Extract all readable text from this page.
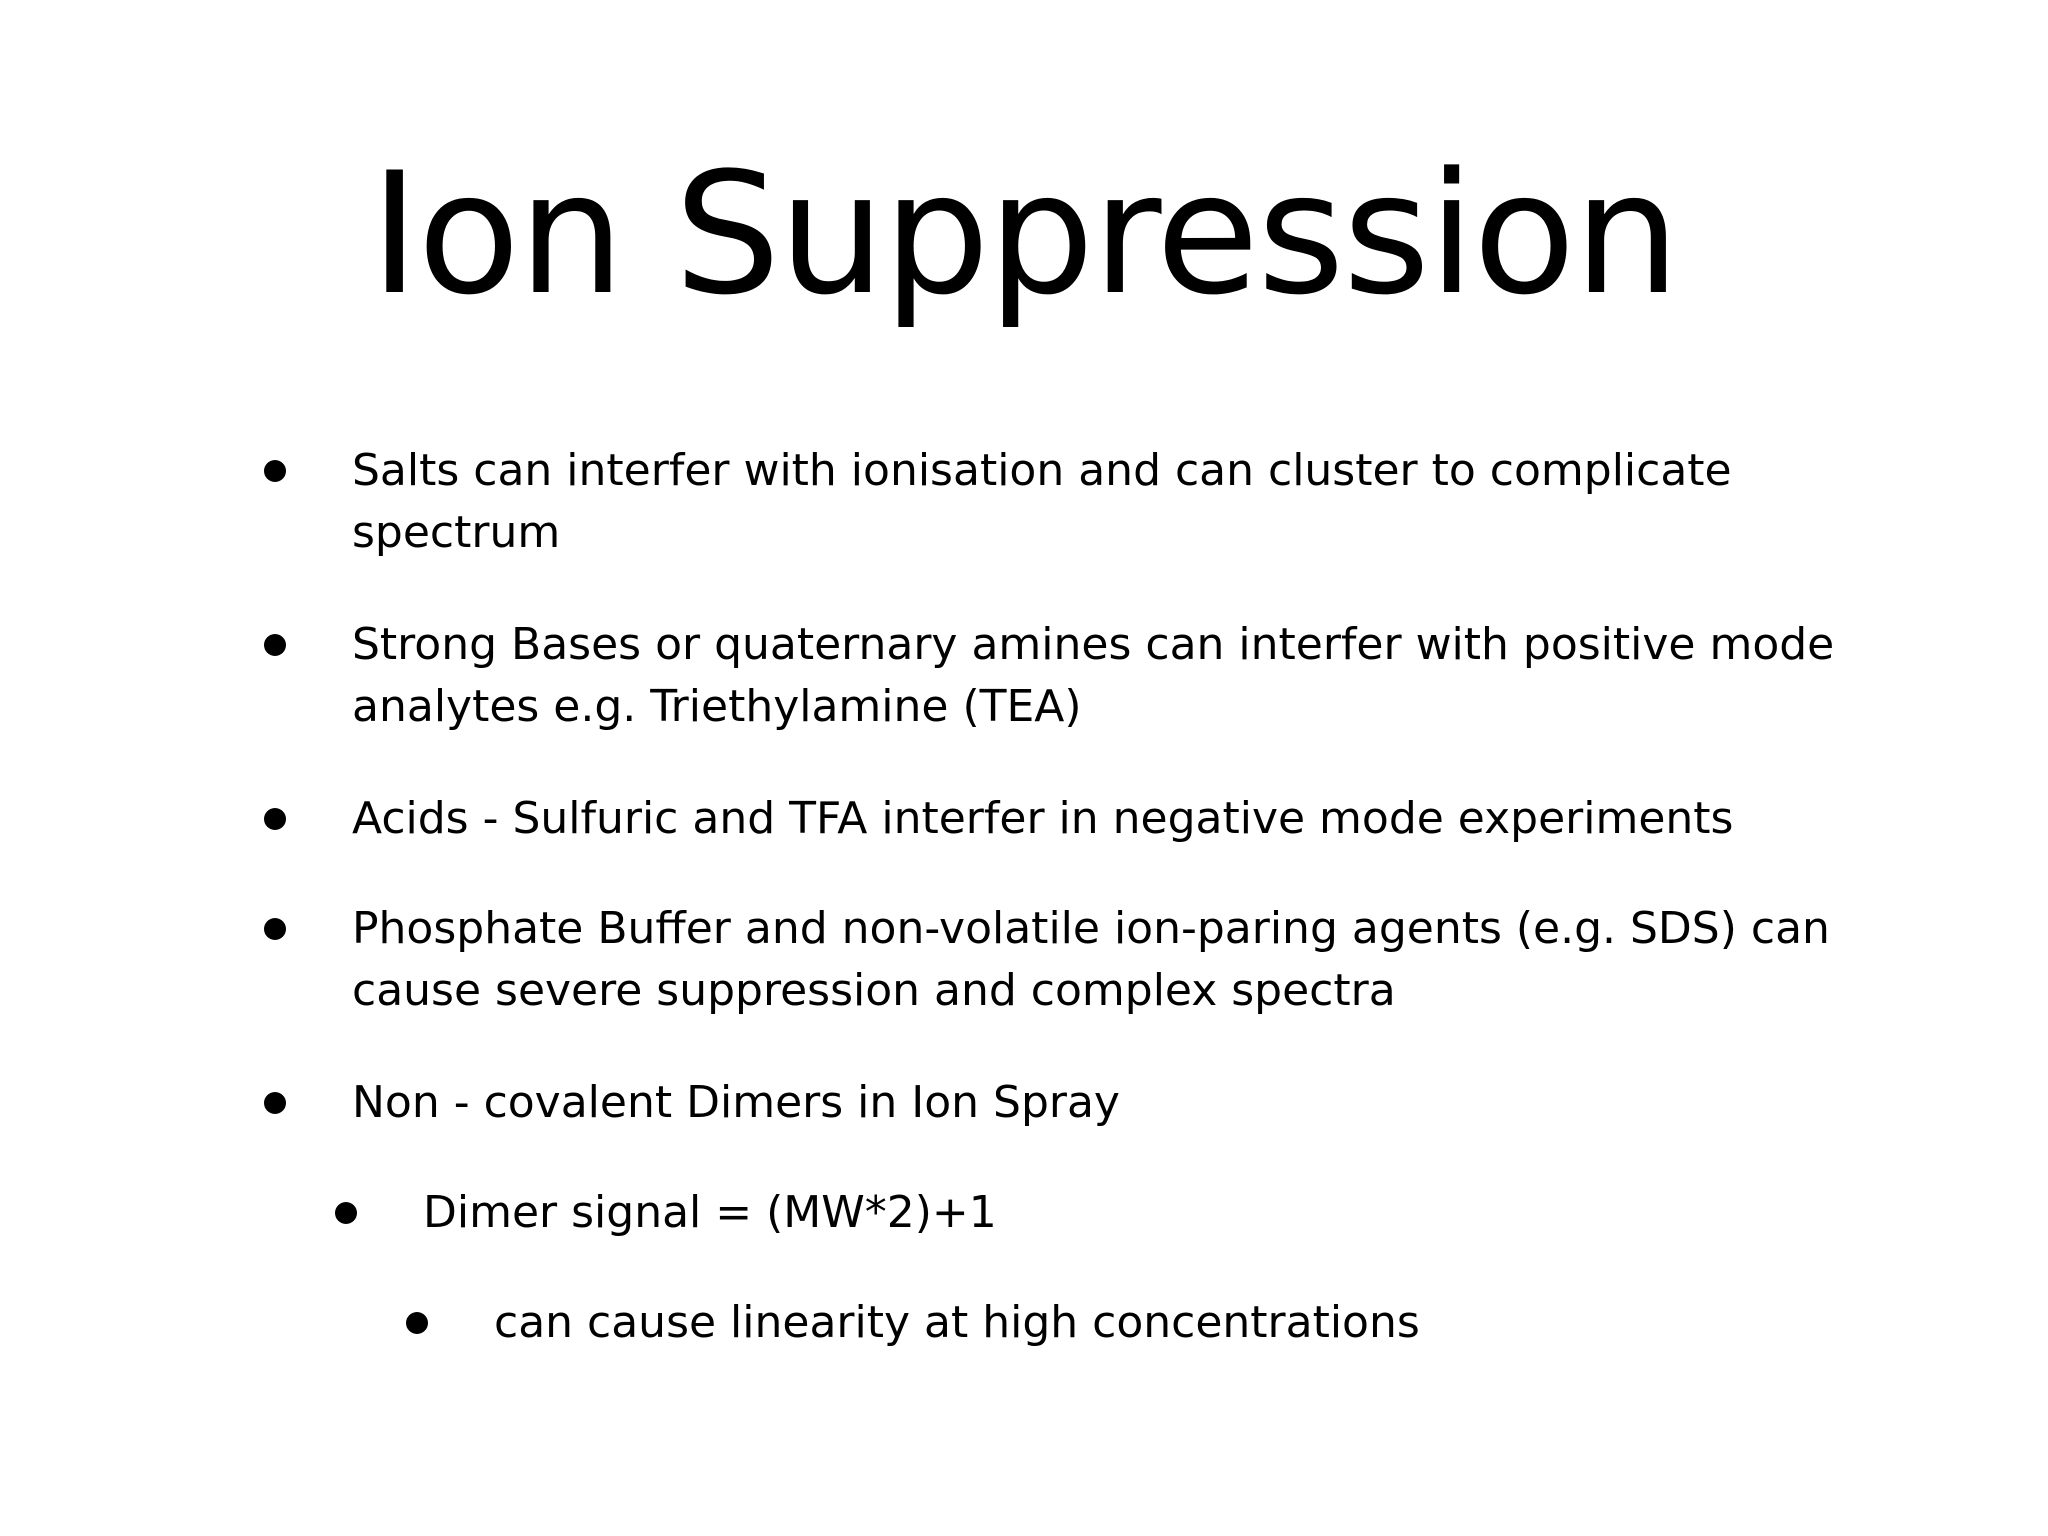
Ion Suppression
Salts can interfer with ionisation and can cluster to complicate spectrum
Strong Bases or quaternary amines can interfer with positive mode analytes e.g. Triethylamine (TEA)
Acids - Sulfuric and TFA interfer in negative mode experiments
Phosphate Buffer and non-volatile ion-paring agents (e.g. SDS) can cause severe suppression and complex spectra
Non - covalent Dimers in Ion Spray
Dimer signal = (MW*2)+1
can cause linearity at high concentrations
